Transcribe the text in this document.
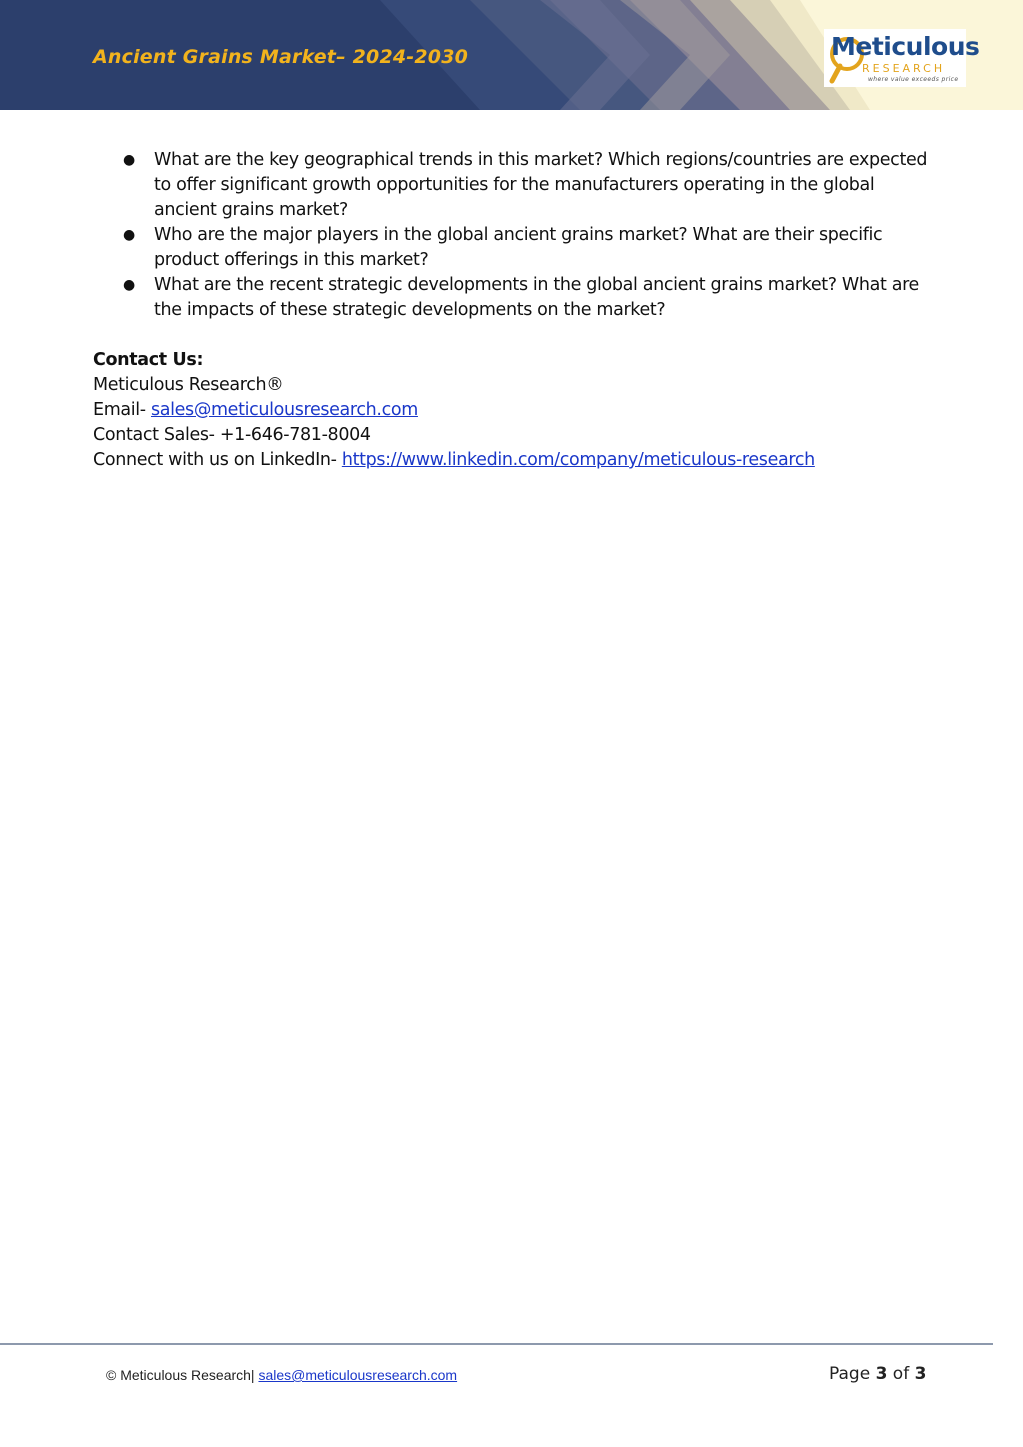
Ancient Grains Market– 2024-2030	Meticulous
RESEARCH
where value exceeds price
● What are the key geographical trends in this market? Which regions/countries are expected to offer significant growth opportunities for the manufacturers operating in the global ancient grains market?
● Who are the major players in the global ancient grains market? What are their specific product offerings in this market?
● What are the recent strategic developments in the global ancient grains market? What are the impacts of these strategic developments on the market?
Contact Us:
Meticulous Research®
Email- sales@meticulousresearch.com
Contact Sales- +1-646-781-8004
Connect with us on LinkedIn- https://www.linkedin.com/company/meticulous-research
© Meticulous Research| sales@meticulousresearch.com	Page 3 of 3
